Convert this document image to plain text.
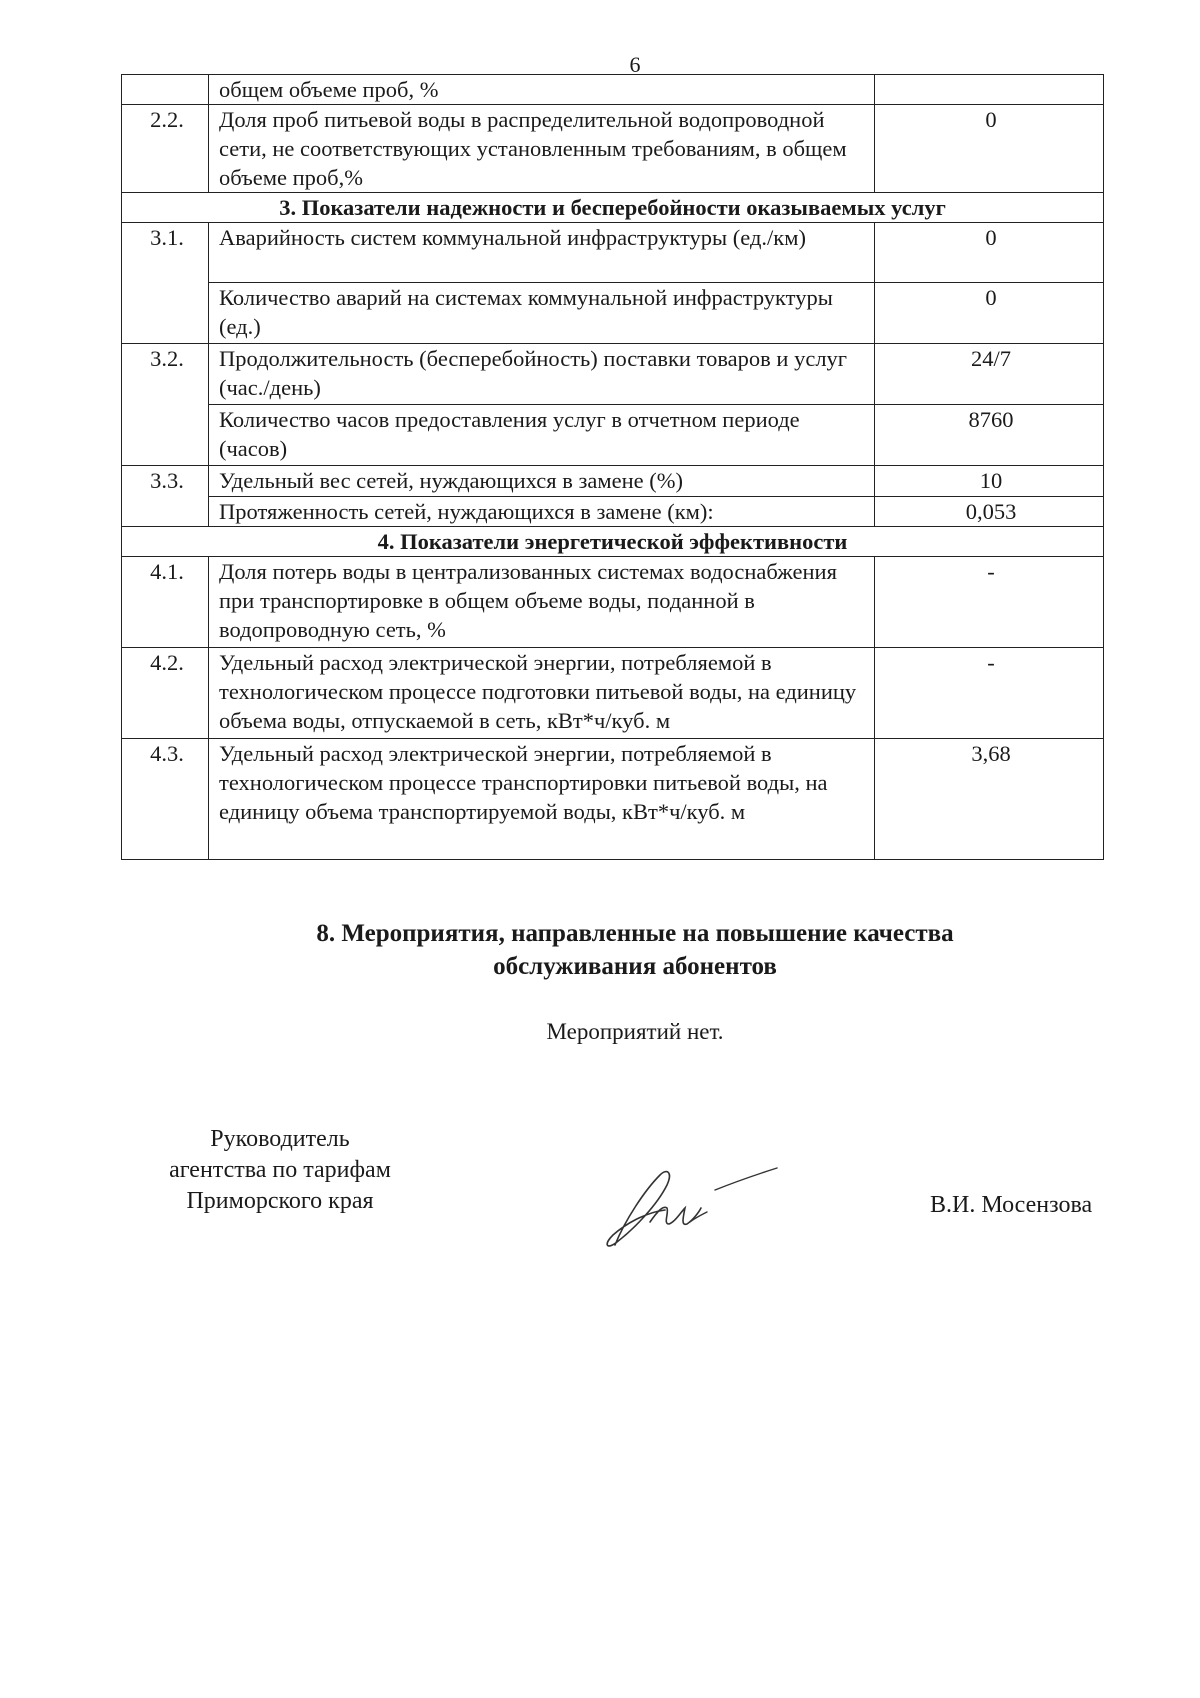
6
	общем объеме проб, %	
2.2.	Доля проб питьевой воды в распределительной водопроводной сети, не соответствующих установленным требованиям, в общем объеме проб,%	0
3. Показатели надежности и бесперебойности оказываемых услуг		
3.1.	Аварийность систем коммунальной инфраструктуры (ед./км)	0
	Количество аварий на системах коммунальной инфраструктуры (ед.)	0
3.2.	Продолжительность (бесперебойность) поставки товаров и услуг (час./день)	24/7
	Количество часов предоставления услуг в отчетном периоде (часов)	8760
3.3.	Удельный вес сетей, нуждающихся в замене (%)	10
	Протяженность сетей, нуждающихся в замене (км):	0,053
4. Показатели энергетической эффективности		
4.1.	Доля потерь воды в централизованных системах водоснабжения при транспортировке в общем объеме воды, поданной в водопроводную сеть, %	-
4.2.	Удельный расход электрической энергии, потребляемой в технологическом процессе подготовки питьевой воды, на единицу объема воды, отпускаемой в сеть, кВт*ч/куб. м	-
4.3.	Удельный расход электрической энергии, потребляемой в технологическом процессе транспортировки питьевой воды, на единицу объема транспортируемой воды, кВт*ч/куб. м	3,68
8. Мероприятия, направленные на повышение качества
обслуживания абонентов
Мероприятий нет.
Руководитель
агентства по тарифам
Приморского края	В.И. Мосензова
